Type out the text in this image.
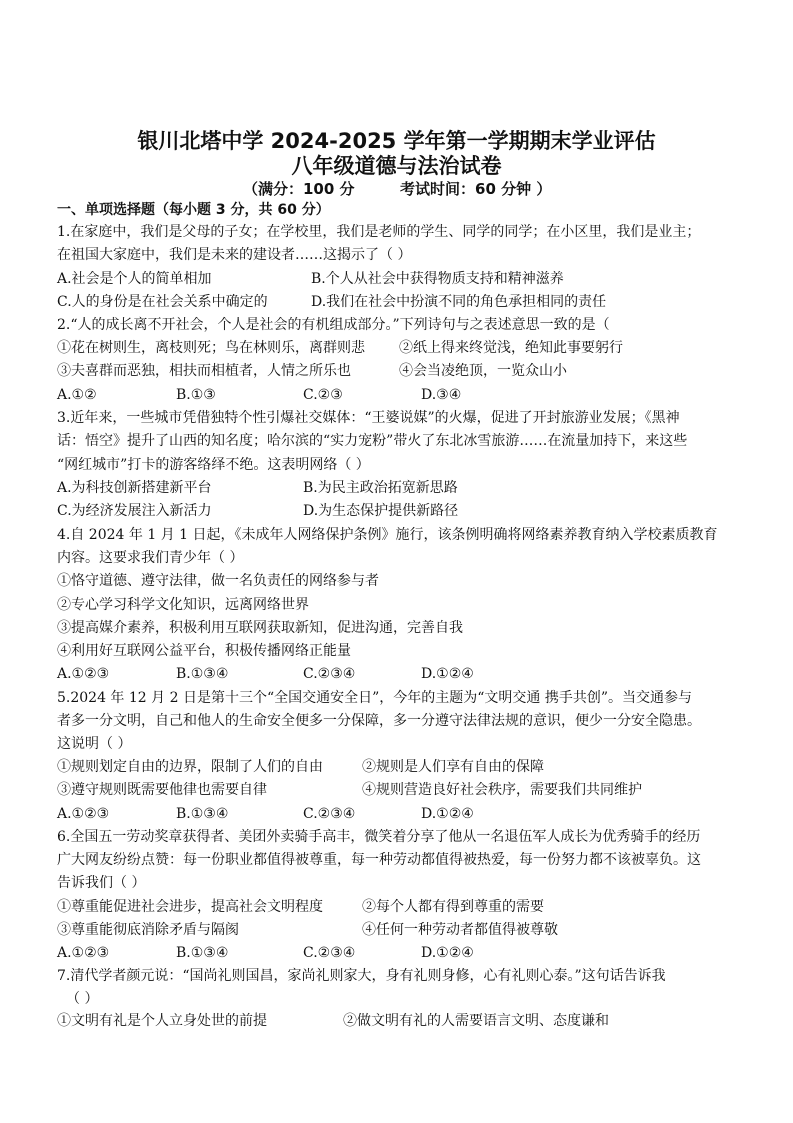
银川北塔中学 2024-2025 学年第一学期期末学业评估
八年级道德与法治试卷
（满分：100 分	考试时间：60 分钟 ）
一、单项选择题（每小题 3 分，共 60 分）
1.在家庭中，我们是父母的子女；在学校里，我们是老师的学生、同学的同学；在小区里，我们是业主；
在祖国大家庭中，我们是未来的建设者……这揭示了（ ）
A.社会是个人的简单相加	B.个人从社会中获得物质支持和精神滋养
C.人的身份是在社会关系中确定的	D.我们在社会中扮演不同的角色承担相同的责任
2.“人的成长离不开社会，个人是社会的有机组成部分。”下列诗句与之表述意思一致的是（
①花在树则生，离枝则死；鸟在林则乐，离群则悲 ②纸上得来终觉浅，绝知此事要躬行
③夫喜群而恶独，相扶而相植者，人情之所乐也	④会当凌绝顶，一览众山小
A.①②	B.①③	C.②③	D.③④
3.近年来，一些城市凭借独特个性引爆社交媒体：“王婆说媒”的火爆，促进了开封旅游业发展；《黑神
话：悟空》提升了山西的知名度；哈尔滨的“实力宠粉”带火了东北冰雪旅游……在流量加持下，来这些
“网红城市”打卡的游客络绎不绝。这表明网络（ ）
A.为科技创新搭建新平台	B.为民主政治拓宽新思路
C.为经济发展注入新活力	D.为生态保护提供新路径
4.自 2024 年 1 月 1 日起，《未成年人网络保护条例》施行，该条例明确将网络素养教育纳入学校素质教育
内容。这要求我们青少年（ ）
①恪守道德、遵守法律，做一名负责任的网络参与者
②专心学习科学文化知识，远离网络世界
③提高媒介素养，积极利用互联网获取新知，促进沟通，完善自我
④利用好互联网公益平台，积极传播网络正能量
A.①②③	B.①③④	C.②③④	D.①②④
5.2024 年 12 月 2 日是第十三个“全国交通安全日”，今年的主题为“文明交通 携手共创”。当交通参与
者多一分文明，自己和他人的生命安全便多一分保障，多一分遵守法律法规的意识，便少一分安全隐患。
这说明（ ）
①规则划定自由的边界，限制了人们的自由	②规则是人们享有自由的保障
③遵守规则既需要他律也需要自律	④规则营造良好社会秩序，需要我们共同维护
A.①②③	B.①③④	C.②③④	D.①②④
6.全国五一劳动奖章获得者、美团外卖骑手高丰，微笑着分享了他从一名退伍军人成长为优秀骑手的经历
广大网友纷纷点赞：每一份职业都值得被尊重，每一种劳动都值得被热爱，每一份努力都不该被辜负。这
告诉我们（ ）
①尊重能促进社会进步，提高社会文明程度	②每个人都有得到尊重的需要
③尊重能彻底消除矛盾与隔阂	④任何一种劳动者都值得被尊敬
A.①②③	B.①③④	C.②③④	D.①②④
7.清代学者颜元说：“国尚礼则国昌，家尚礼则家大，身有礼则身修，心有礼则心泰。”这句话告诉我
（ ）
①文明有礼是个人立身处世的前提	②做文明有礼的人需要语言文明、态度谦和
